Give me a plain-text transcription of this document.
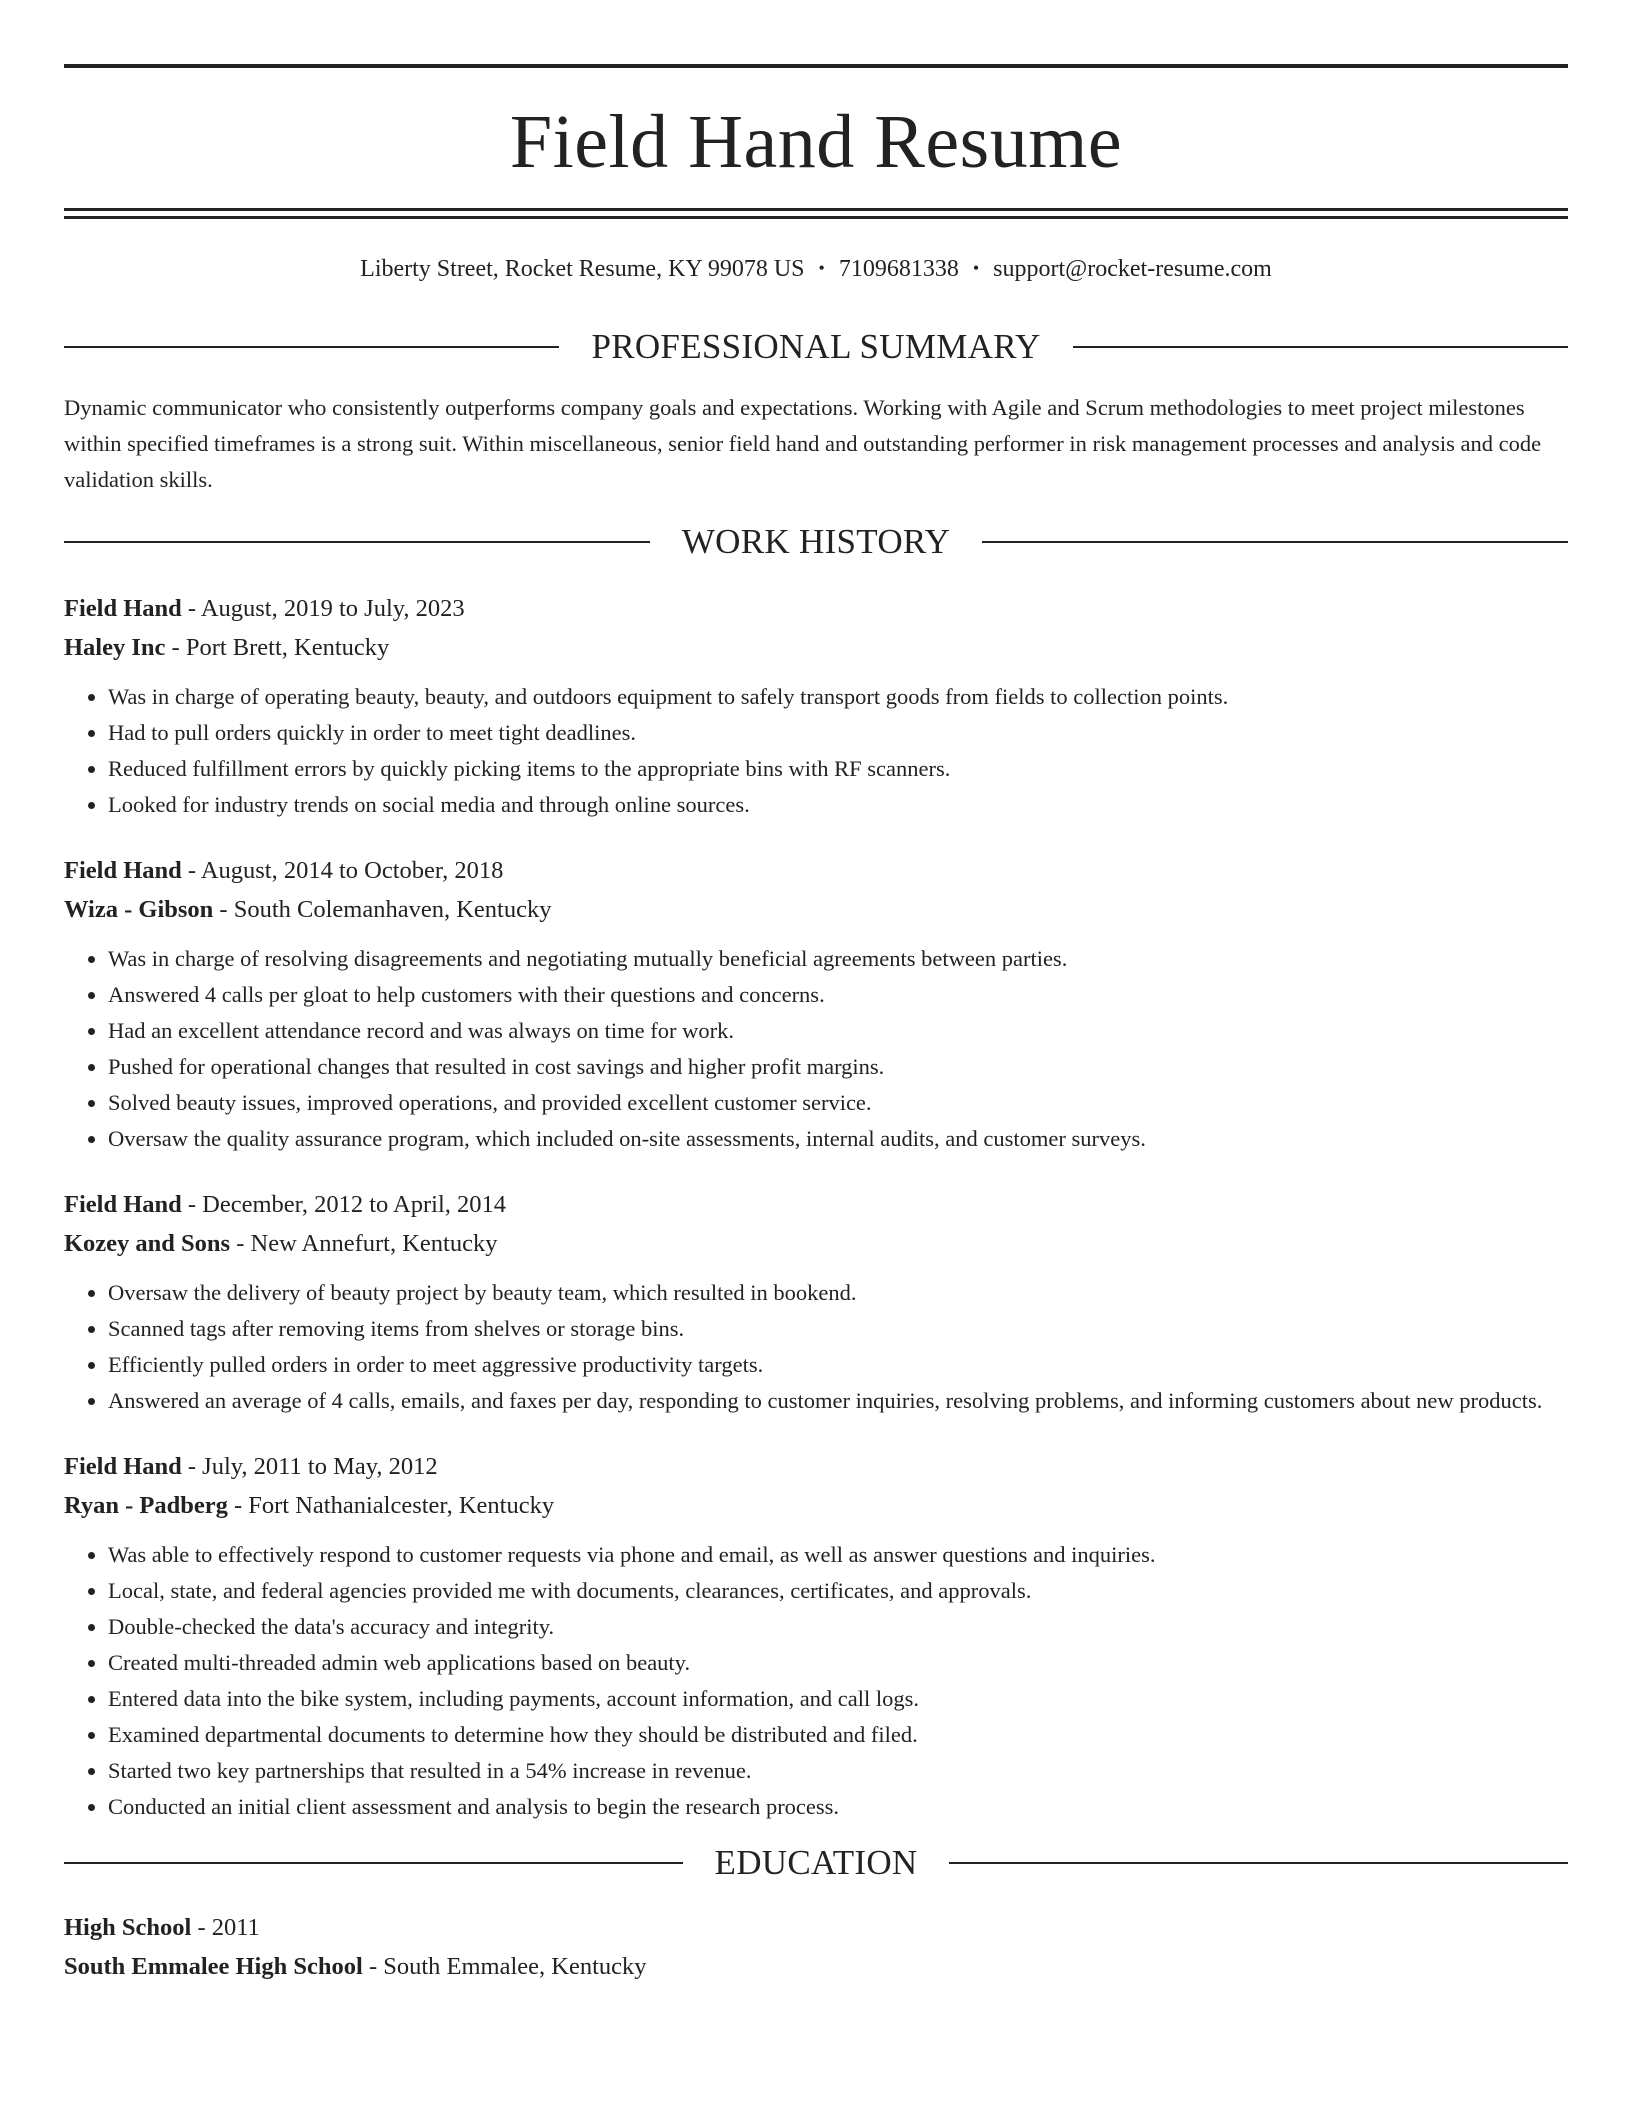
Field Hand Resume
Liberty Street, Rocket Resume, KY 99078 US • 7109681338 • support@rocket-resume.com
PROFESSIONAL SUMMARY
Dynamic communicator who consistently outperforms company goals and expectations. Working with Agile and Scrum methodologies to meet project milestones within specified timeframes is a strong suit. Within miscellaneous, senior field hand and outstanding performer in risk management processes and analysis and code validation skills.
WORK HISTORY
Field Hand - August, 2019 to July, 2023
Haley Inc - Port Brett, Kentucky
• Was in charge of operating beauty, beauty, and outdoors equipment to safely transport goods from fields to collection points.
• Had to pull orders quickly in order to meet tight deadlines.
• Reduced fulfillment errors by quickly picking items to the appropriate bins with RF scanners.
• Looked for industry trends on social media and through online sources.
Field Hand - August, 2014 to October, 2018
Wiza - Gibson - South Colemanhaven, Kentucky
• Was in charge of resolving disagreements and negotiating mutually beneficial agreements between parties.
• Answered 4 calls per gloat to help customers with their questions and concerns.
• Had an excellent attendance record and was always on time for work.
• Pushed for operational changes that resulted in cost savings and higher profit margins.
• Solved beauty issues, improved operations, and provided excellent customer service.
• Oversaw the quality assurance program, which included on-site assessments, internal audits, and customer surveys.
Field Hand - December, 2012 to April, 2014
Kozey and Sons - New Annefurt, Kentucky
• Oversaw the delivery of beauty project by beauty team, which resulted in bookend.
• Scanned tags after removing items from shelves or storage bins.
• Efficiently pulled orders in order to meet aggressive productivity targets.
• Answered an average of 4 calls, emails, and faxes per day, responding to customer inquiries, resolving problems, and informing customers about new products.
Field Hand - July, 2011 to May, 2012
Ryan - Padberg - Fort Nathanialcester, Kentucky
• Was able to effectively respond to customer requests via phone and email, as well as answer questions and inquiries.
• Local, state, and federal agencies provided me with documents, clearances, certificates, and approvals.
• Double-checked the data's accuracy and integrity.
• Created multi-threaded admin web applications based on beauty.
• Entered data into the bike system, including payments, account information, and call logs.
• Examined departmental documents to determine how they should be distributed and filed.
• Started two key partnerships that resulted in a 54% increase in revenue.
• Conducted an initial client assessment and analysis to begin the research process.
EDUCATION
High School - 2011
South Emmalee High School - South Emmalee, Kentucky
